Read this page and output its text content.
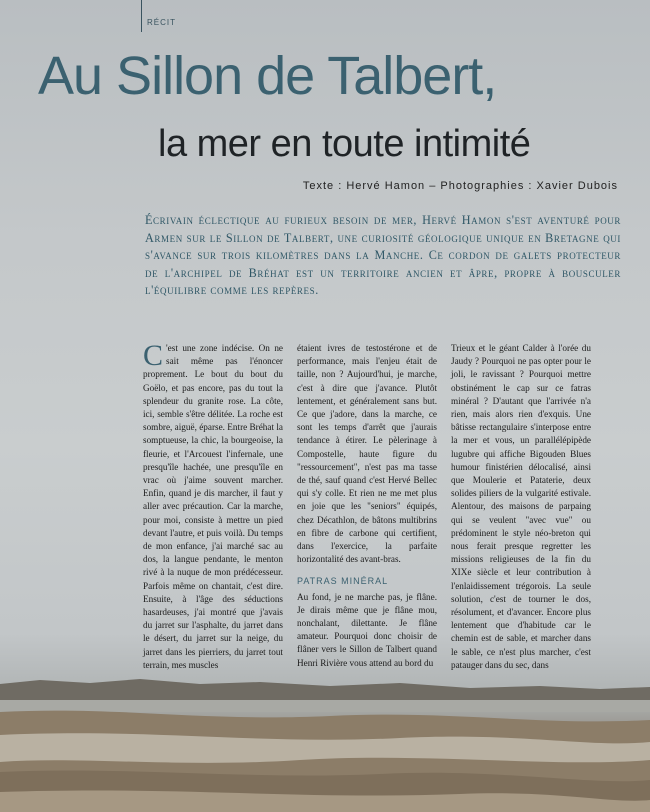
RÉCIT
Au Sillon de Talbert,
la mer en toute intimité
Texte : Hervé Hamon – Photographies : Xavier Dubois
Écrivain éclectique au furieux besoin de mer, Hervé Hamon s'est aventuré pour Armen sur le Sillon de Talbert, une curiosité géologique unique en Bretagne qui s'avance sur trois kilomètres dans la Manche. Ce cordon de galets protecteur de l'archipel de Bréhat est un territoire ancien et âpre, propre à bousculer l'équilibre comme les repères.

C 'est une zone indécise. On ne sait même pas l'énoncer proprement. Le bout du bout du Goëlo, et pas encore, pas du tout la splendeur du granite rose. La côte, ici, semble s'être délitée. La roche est sombre, aiguë, éparse. Entre Bréhat la somptueuse, la chic, la bourgeoise, la fleurie, et l'Arcouest l'infernale, une presqu'île hachée, une presqu'île en vrac où j'aime souvent marcher. Enfin, quand je dis marcher, il faut y aller avec précaution. Car la marche, pour moi, consiste à mettre un pied devant l'autre, et puis voilà. Du temps de mon enfance, j'ai marché sac au dos, la langue pendante, le menton rivé à la nuque de mon prédécesseur. Parfois même on chantait, c'est dire. Ensuite, à l'âge des séductions hasardeuses, j'ai montré que j'avais du jarret sur l'asphalte, du jarret dans le désert, du jarret sur la neige, du jarret dans les pierriers, du jarret tout terrain, mes muscles

étaient ivres de testostérone et de performance, mais l'enjeu était de taille, non ? Aujourd'hui, je marche, c'est à dire que j'avance. Plutôt lentement, et généralement sans but. Ce que j'adore, dans la marche, ce sont les temps d'arrêt que j'aurais tendance à étirer. Le pèlerinage à Compostelle, haute figure du "ressourcement", n'est pas ma tasse de thé, sauf quand c'est Hervé Bellec qui s'y colle. Et rien ne me met plus en joie que les "seniors" équipés, chez Décathlon, de bâtons multibrins en fibre de carbone qui certifient, dans l'exercice, la parfaite horizontalité des avant-bras.

PATRAS MINÉRAL

Au fond, je ne marche pas, je flâne. Je dirais même que je flâne mou, nonchalant, dilettante. Je flâne amateur. Pourquoi donc choisir de flâner vers le Sillon de Talbert quand Henri Rivière vous attend au bord du

Trieux et le géant Calder à l'orée du Jaudy ? Pourquoi ne pas opter pour le joli, le ravissant ? Pourquoi mettre obstinément le cap sur ce fatras minéral ? D'autant que l'arrivée n'a rien, mais alors rien d'exquis. Une bâtisse rectangulaire s'interpose entre la mer et vous, un parallélépipède lugubre qui affiche Bigouden Blues humour finistérien délocalisé, ainsi que Moulerie et Pataterie, deux solides piliers de la vulgarité estivale. Alentour, des maisons de parpaing qui se veulent "avec vue" ou prédominent le style néo-breton qui nous ferait presque regretter les missions religieuses de la fin du XIXe siècle et leur contribution à l'enlaidissement trégorois. La seule solution, c'est de tourner le dos, résolument, et d'avancer. Encore plus lentement que d'habitude car le chemin est de sable, et marcher dans le sable, ce n'est plus marcher, c'est patauger dans du sec, dans
